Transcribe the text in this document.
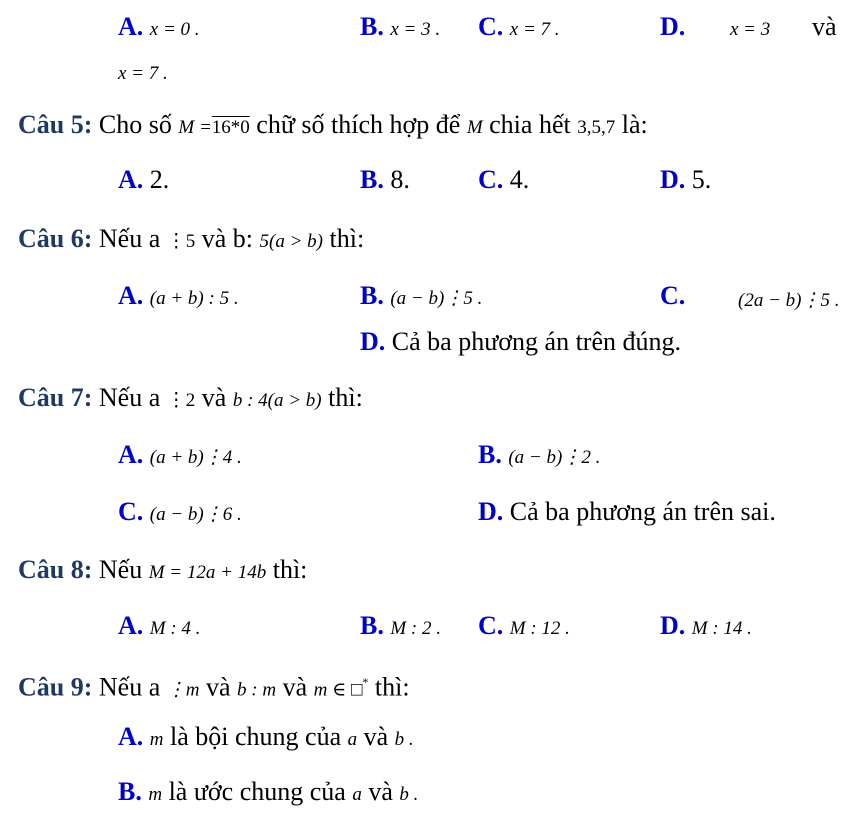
A. x = 0 .	B. x = 3 . C. x = 7 .	D. x = 3 và
x = 7 .
Câu 5: Cho số M =16*0 chữ số thích hợp để M chia hết 3,5,7 là:
A. 2.	B. 8.	C. 4.	D. 5.
Câu 6: Nếu a ⋮5 và b: 5(a > b) thì:
A. (a + b) : 5 .	B. (a − b)⋮5 .	C.	(2a − b)⋮5 .
D. Cả ba phương án trên đúng.
Câu 7: Nếu a ⋮2 và b : 4(a > b) thì:
A. (a + b)⋮4 .	B. (a − b)⋮2 .
C. (a − b)⋮6 .	D. Cả ba phương án trên sai.
Câu 8: Nếu M = 12a + 14b thì:
A. M : 4 .	B. M : 2 . C. M : 12 .	D. M : 14 .
Câu 9: Nếu a ⋮m và b : m và m ∈ □* thì:
A. m là bội chung của a và b .
B. m là ước chung của a và b .
